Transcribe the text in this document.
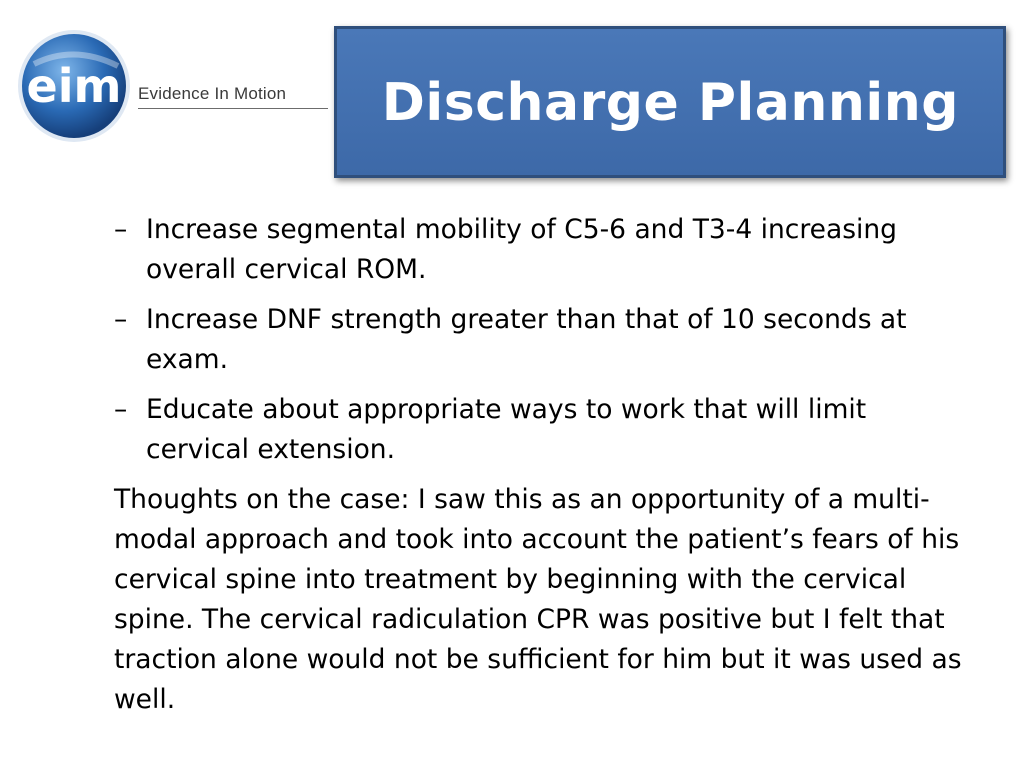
eim Evidence In Motion Discharge Planning
– Increase segmental mobility of C5-6 and T3-4 increasing overall cervical ROM.
– Increase DNF strength greater than that of 10 seconds at exam.
– Educate about appropriate ways to work that will limit cervical extension.

Thoughts on the case: I saw this as an opportunity of a multi-modal approach and took into account the patient’s fears of his cervical spine into treatment by beginning with the cervical spine. The cervical radiculation CPR was positive but I felt that traction alone would not be sufficient for him but it was used as well.
